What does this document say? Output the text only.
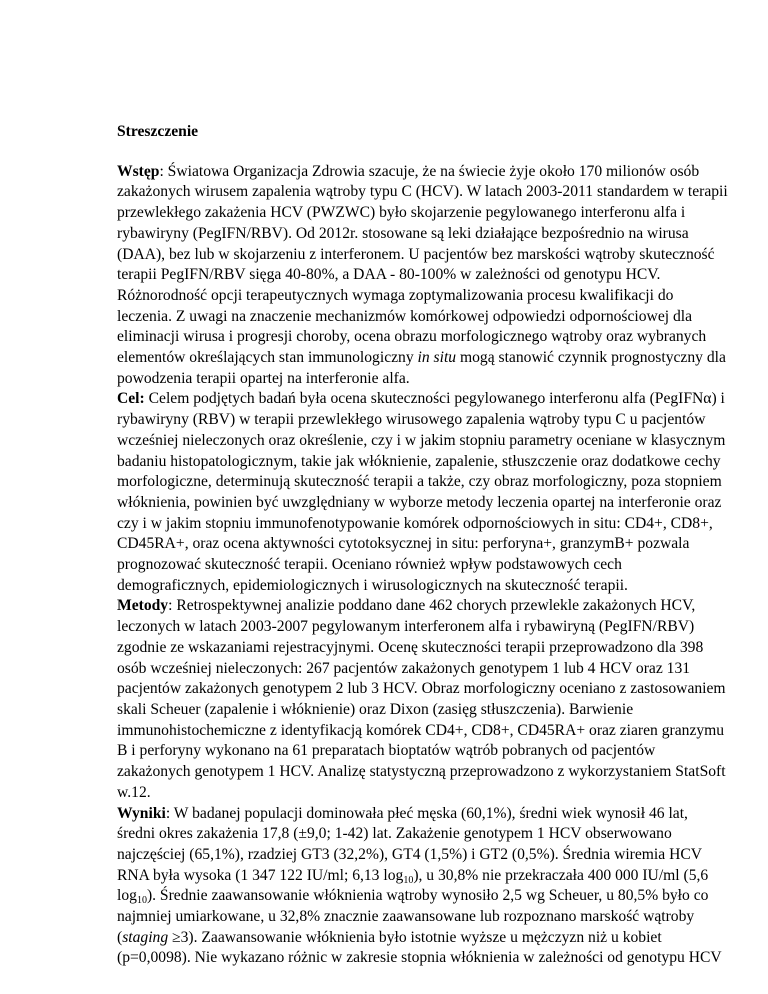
Streszczenie

Wstęp: Światowa Organizacja Zdrowia szacuje, że na świecie żyje około 170 milionów osób
zakażonych wirusem zapalenia wątroby typu C (HCV). W latach 2003-2011 standardem w terapii
przewlekłego zakażenia HCV (PWZWC) było skojarzenie pegylowanego interferonu alfa i
rybawiryny (PegIFN/RBV). Od 2012r. stosowane są leki działające bezpośrednio na wirusa
(DAA), bez lub w skojarzeniu z interferonem. U pacjentów bez marskości wątroby skuteczność
terapii PegIFN/RBV sięga 40-80%, a DAA - 80-100% w zależności od genotypu HCV.
Różnorodność opcji terapeutycznych wymaga zoptymalizowania procesu kwalifikacji do
leczenia. Z uwagi na znaczenie mechanizmów komórkowej odpowiedzi odpornościowej dla
eliminacji wirusa i progresji choroby, ocena obrazu morfologicznego wątroby oraz wybranych
elementów określających stan immunologiczny in situ mogą stanowić czynnik prognostyczny dla
powodzenia terapii opartej na interferonie alfa.

Cel: Celem podjętych badań była ocena skuteczności pegylowanego interferonu alfa (PegIFNα) i
rybawiryny (RBV) w terapii przewlekłego wirusowego zapalenia wątroby typu C u pacjentów
wcześniej nieleczonych oraz określenie, czy i w jakim stopniu parametry oceniane w klasycznym
badaniu histopatologicznym, takie jak włóknienie, zapalenie, stłuszczenie oraz dodatkowe cechy
morfologiczne, determinują skuteczność terapii a także, czy obraz morfologiczny, poza stopniem
włóknienia, powinien być uwzględniany w wyborze metody leczenia opartej na interferonie oraz
czy i w jakim stopniu immunofenotypowanie komórek odpornościowych in situ: CD4+, CD8+,
CD45RA+, oraz ocena aktywności cytotoksycznej in situ: perforyna+, granzymB+ pozwala
prognozować skuteczność terapii. Oceniano również wpływ podstawowych cech
demograficznych, epidemiologicznych i wirusologicznych na skuteczność terapii.

Metody: Retrospektywnej analizie poddano dane 462 chorych przewlekle zakażonych HCV,
leczonych w latach 2003-2007 pegylowanym interferonem alfa i rybawiryną (PegIFN/RBV)
zgodnie ze wskazaniami rejestracyjnymi. Ocenę skuteczności terapii przeprowadzono dla 398
osób wcześniej nieleczonych: 267 pacjentów zakażonych genotypem 1 lub 4 HCV oraz 131
pacjentów zakażonych genotypem 2 lub 3 HCV. Obraz morfologiczny oceniano z zastosowaniem
skali Scheuer (zapalenie i włóknienie) oraz Dixon (zasięg stłuszczenia). Barwienie
immunohistochemiczne z identyfikacją komórek CD4+, CD8+, CD45RA+ oraz ziaren granzymu
B i perforyny wykonano na 61 preparatach bioptatów wątrób pobranych od pacjentów
zakażonych genotypem 1 HCV. Analizę statystyczną przeprowadzono z wykorzystaniem StatSoft
w.12.

Wyniki: W badanej populacji dominowała płeć męska (60,1%), średni wiek wynosił 46 lat,
średni okres zakażenia 17,8 (±9,0; 1-42) lat. Zakażenie genotypem 1 HCV obserwowano
najczęściej (65,1%), rzadziej GT3 (32,2%), GT4 (1,5%) i GT2 (0,5%). Średnia wiremia HCV
RNA była wysoka (1 347 122 IU/ml; 6,13 $\log_{10}$), u 30,8% nie przekraczała 400 000 IU/ml (5,6
$\log_{10}$). Średnie zaawansowanie włóknienia wątroby wynosiło 2,5 wg Scheuer, u 80,5% było co
najmniej umiarkowane, u 32,8% znacznie zaawansowane lub rozpoznano marskość wątroby
(staging ≥3). Zaawansowanie włóknienia było istotnie wyższe u mężczyzn niż u kobiet
(p=0,0098). Nie wykazano różnic w zakresie stopnia włóknienia w zależności od genotypu HCV
